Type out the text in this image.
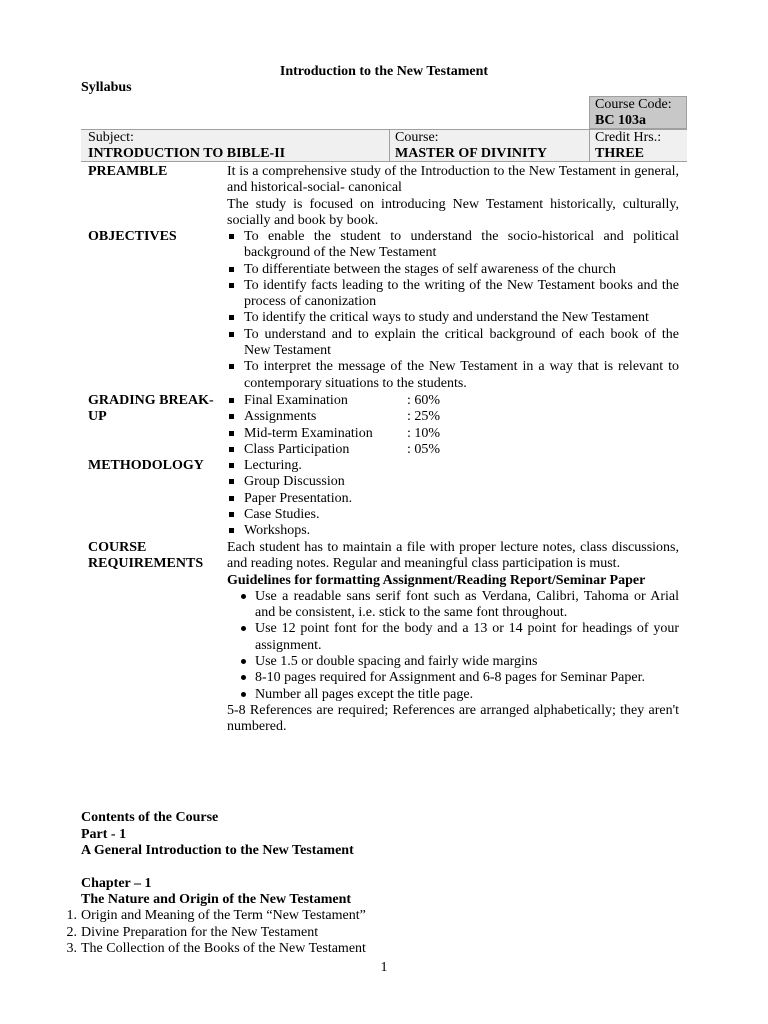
Introduction to the New Testament
Syllabus
Course Code:
BC 103a
Subject:
INTRODUCTION TO BIBLE-II
Course:
MASTER OF DIVINITY
Credit Hrs.:
THREE
PREAMBLE	It is a comprehensive study of the Introduction to the New Testament in general, and historical-social- canonical
The study is focused on introducing New Testament historically, culturally, socially and book by book.
OBJECTIVES	To enable the student to understand the socio-historical and political background of the New Testament
To differentiate between the stages of self awareness of the church
To identify facts leading to the writing of the New Testament books and the process of canonization
To identify the critical ways to study and understand the New Testament
To understand and to explain the critical background of each book of the New Testament
To interpret the message of the New Testament in a way that is relevant to contemporary situations to the students.
GRADING BREAK-
UP
Final Examination	: 60%
Assignments	: 25%
Mid-term Examination	: 10%
Class Participation	: 05%
METHODOLOGY	Lecturing.
Group Discussion
Paper Presentation.
Case Studies.
Workshops.
COURSE
REQUIREMENTS
Each student has to maintain a file with proper lecture notes, class discussions, and reading notes. Regular and meaningful class participation is must.
Guidelines for formatting Assignment/Reading Report/Seminar Paper
Use a readable sans serif font such as Verdana, Calibri, Tahoma or Arial and be consistent, i.e. stick to the same font throughout.
Use 12 point font for the body and a 13 or 14 point for headings of your assignment.
Use 1.5 or double spacing and fairly wide margins
8-10 pages required for Assignment and 6-8 pages for Seminar Paper.
Number all pages except the title page.
5-8 References are required; References are arranged alphabetically; they aren't numbered.
Contents of the Course
Part - 1
A General Introduction to the New Testament
Chapter – 1
The Nature and Origin of the New Testament
1. Origin and Meaning of the Term “New Testament”
2. Divine Preparation for the New Testament
3. The Collection of the Books of the New Testament
1
